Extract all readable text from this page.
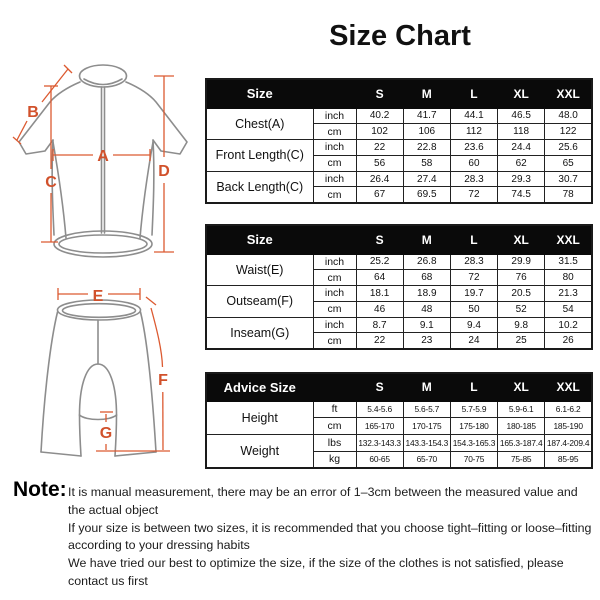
Size Chart
A
B
C
D
E
F
G
Size		S	M	L	XL	XXL
Chest(A)	inch	40.2	41.7	44.1	46.5	48.0
	cm	102	106	112	118	122
Front Length(C)	inch	22	22.8	23.6	24.4	25.6
	cm	56	58	60	62	65
Back Length(C)	inch	26.4	27.4	28.3	29.3	30.7
	cm	67	69.5	72	74.5	78
Size		S	M	L	XL	XXL
Waist(E)	inch	25.2	26.8	28.3	29.9	31.5
	cm	64	68	72	76	80
Outseam(F)	inch	18.1	18.9	19.7	20.5	21.3
	cm	46	48	50	52	54
Inseam(G)	inch	8.7	9.1	9.4	9.8	10.2
	cm	22	23	24	25	26
Advice Size		S	M	L	XL	XXL
Height	ft	5.4-5.6	5.6-5.7	5.7-5.9	5.9-6.1	6.1-6.2
	cm	165-170	170-175	175-180	180-185	185-190
Weight	lbs	132.3-143.3	143.3-154.3	154.3-165.3	165.3-187.4	187.4-209.4
	kg	60-65	65-70	70-75	75-85	85-95
Note: It is manual measurement, there may be an error of 1–3cm between the measured value and the actual object

If your size is between two sizes, it is recommended that you choose tight–fitting or loose–fitting according to your dressing habits

We have tried our best to optimize the size, if the size of the clothes is not satisfied, please contact us first
